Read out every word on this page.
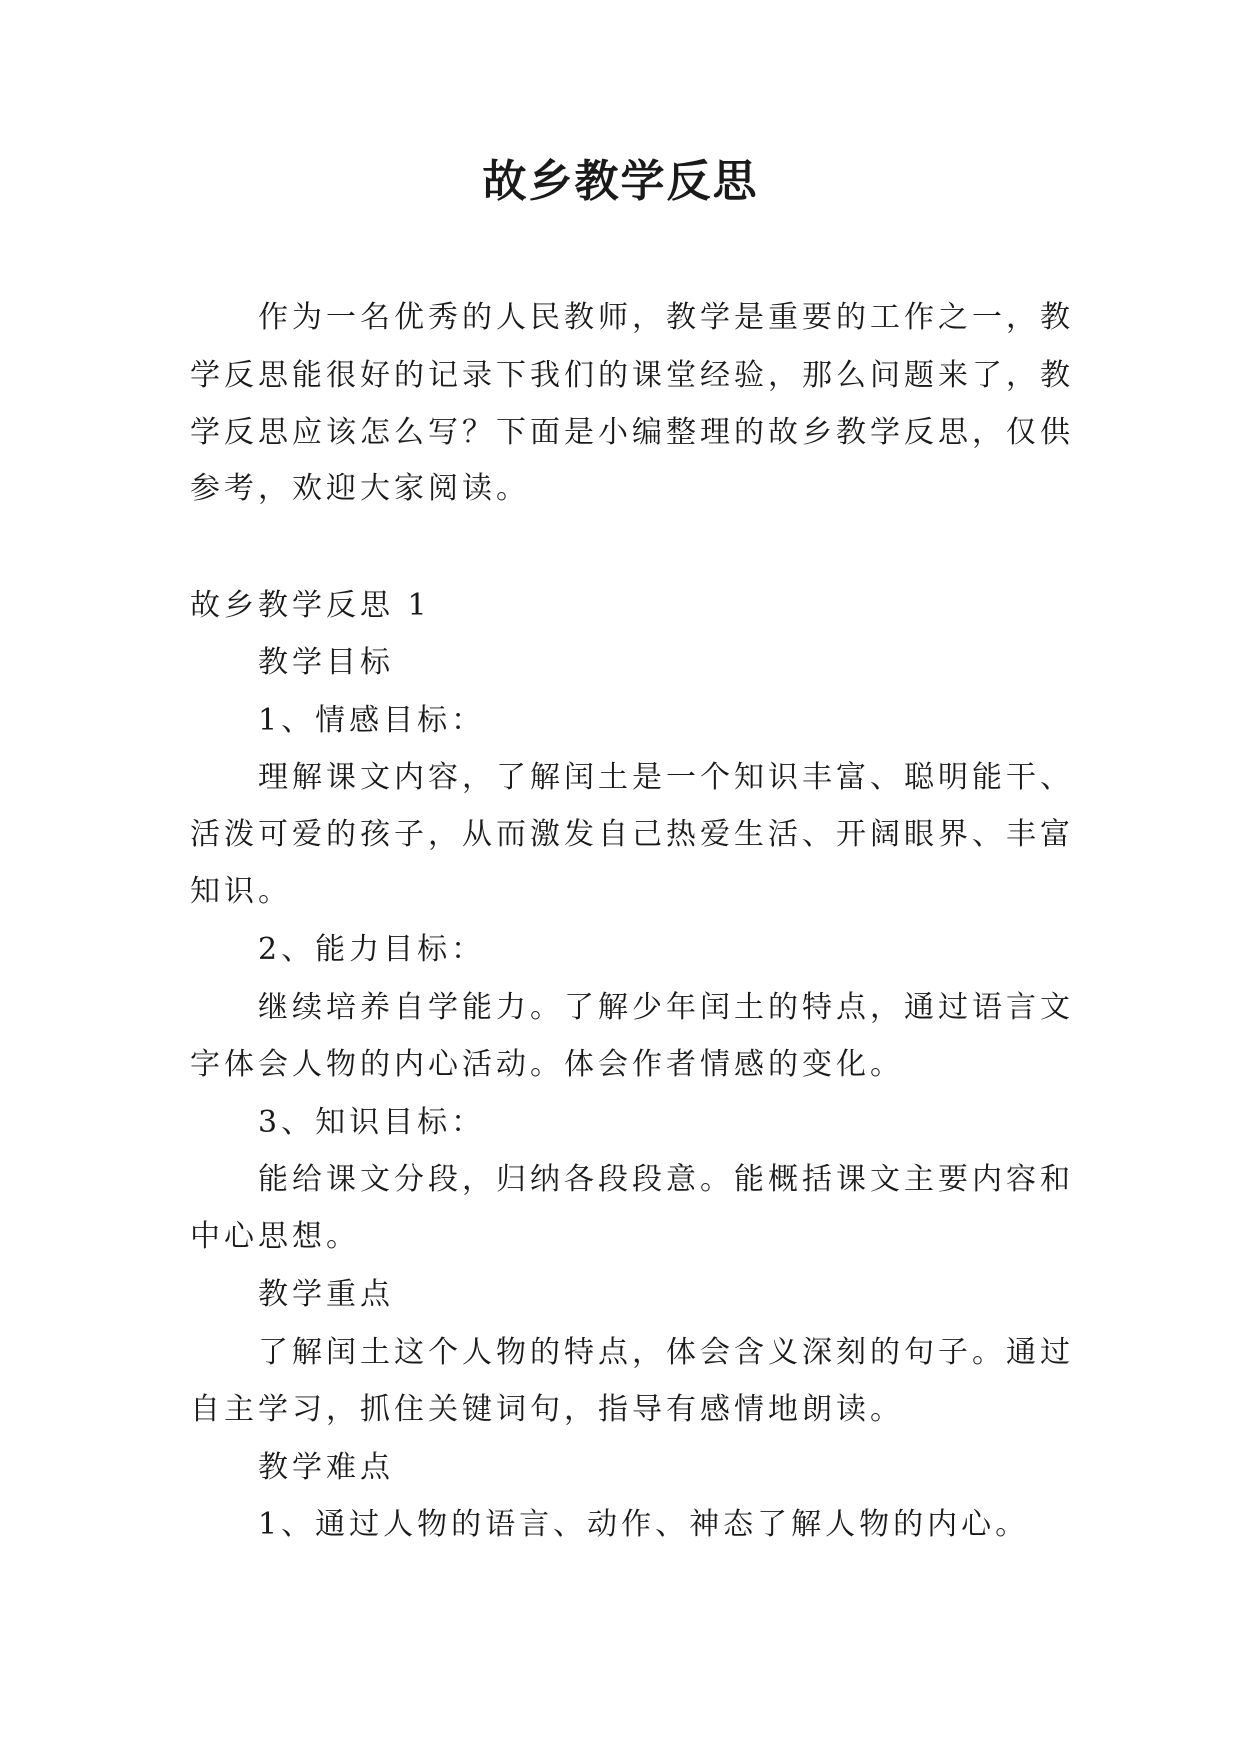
故乡教学反思

作为一名优秀的人民教师，教学是重要的工作之一，教

学反思能很好的记录下我们的课堂经验，那么问题来了，教

学反思应该怎么写？下面是小编整理的故乡教学反思，仅供

参考，欢迎大家阅读。

故乡教学反思 1

教学目标

1、情感目标：

理解课文内容，了解闰土是一个知识丰富、聪明能干、

活泼可爱的孩子，从而激发自己热爱生活、开阔眼界、丰富

知识。

2、能力目标：

继续培养自学能力。了解少年闰土的特点，通过语言文

字体会人物的内心活动。体会作者情感的变化。

3、知识目标：

能给课文分段，归纳各段段意。能概括课文主要内容和

中心思想。

教学重点

了解闰土这个人物的特点，体会含义深刻的句子。通过

自主学习，抓住关键词句，指导有感情地朗读。

教学难点

1、通过人物的语言、动作、神态了解人物的内心。
